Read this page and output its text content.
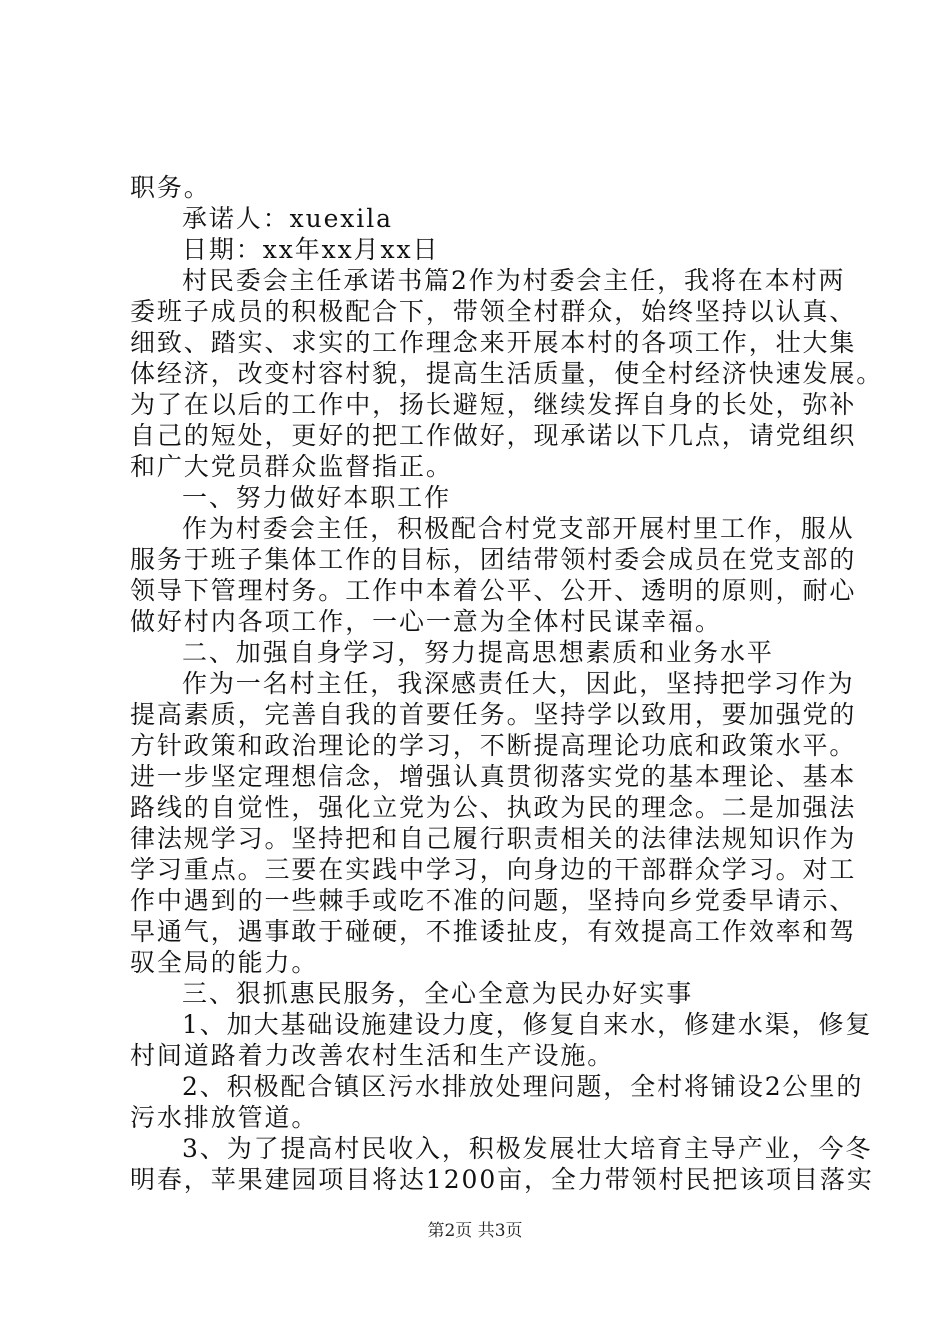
职务。
承诺人：xuexila
日期：xx年xx月xx日
村民委会主任承诺书篇2作为村委会主任，我将在本村两
委班子成员的积极配合下，带领全村群众，始终坚持以认真、
细致、踏实、求实的工作理念来开展本村的各项工作，壮大集
体经济，改变村容村貌，提高生活质量，使全村经济快速发展。
为了在以后的工作中，扬长避短，继续发挥自身的长处，弥补
自己的短处，更好的把工作做好，现承诺以下几点，请党组织
和广大党员群众监督指正。
一、努力做好本职工作
作为村委会主任，积极配合村党支部开展村里工作，服从
服务于班子集体工作的目标，团结带领村委会成员在党支部的
领导下管理村务。工作中本着公平、公开、透明的原则，耐心
做好村内各项工作，一心一意为全体村民谋幸福。
二、加强自身学习，努力提高思想素质和业务水平
作为一名村主任，我深感责任大，因此，坚持把学习作为
提高素质，完善自我的首要任务。坚持学以致用，要加强党的
方针政策和政治理论的学习，不断提高理论功底和政策水平。
进一步坚定理想信念，增强认真贯彻落实党的基本理论、基本
路线的自觉性，强化立党为公、执政为民的理念。二是加强法
律法规学习。坚持把和自己履行职责相关的法律法规知识作为
学习重点。三要在实践中学习，向身边的干部群众学习。对工
作中遇到的一些棘手或吃不准的问题，坚持向乡党委早请示、
早通气，遇事敢于碰硬，不推诿扯皮，有效提高工作效率和驾
驭全局的能力。
三、狠抓惠民服务，全心全意为民办好实事
1、加大基础设施建设力度，修复自来水，修建水渠，修复
村间道路着力改善农村生活和生产设施。
2、积极配合镇区污水排放处理问题，全村将铺设2公里的
污水排放管道。
3、为了提高村民收入，积极发展壮大培育主导产业，今冬
明春，苹果建园项目将达1200亩，全力带领村民把该项目落实
第2页 共3页
